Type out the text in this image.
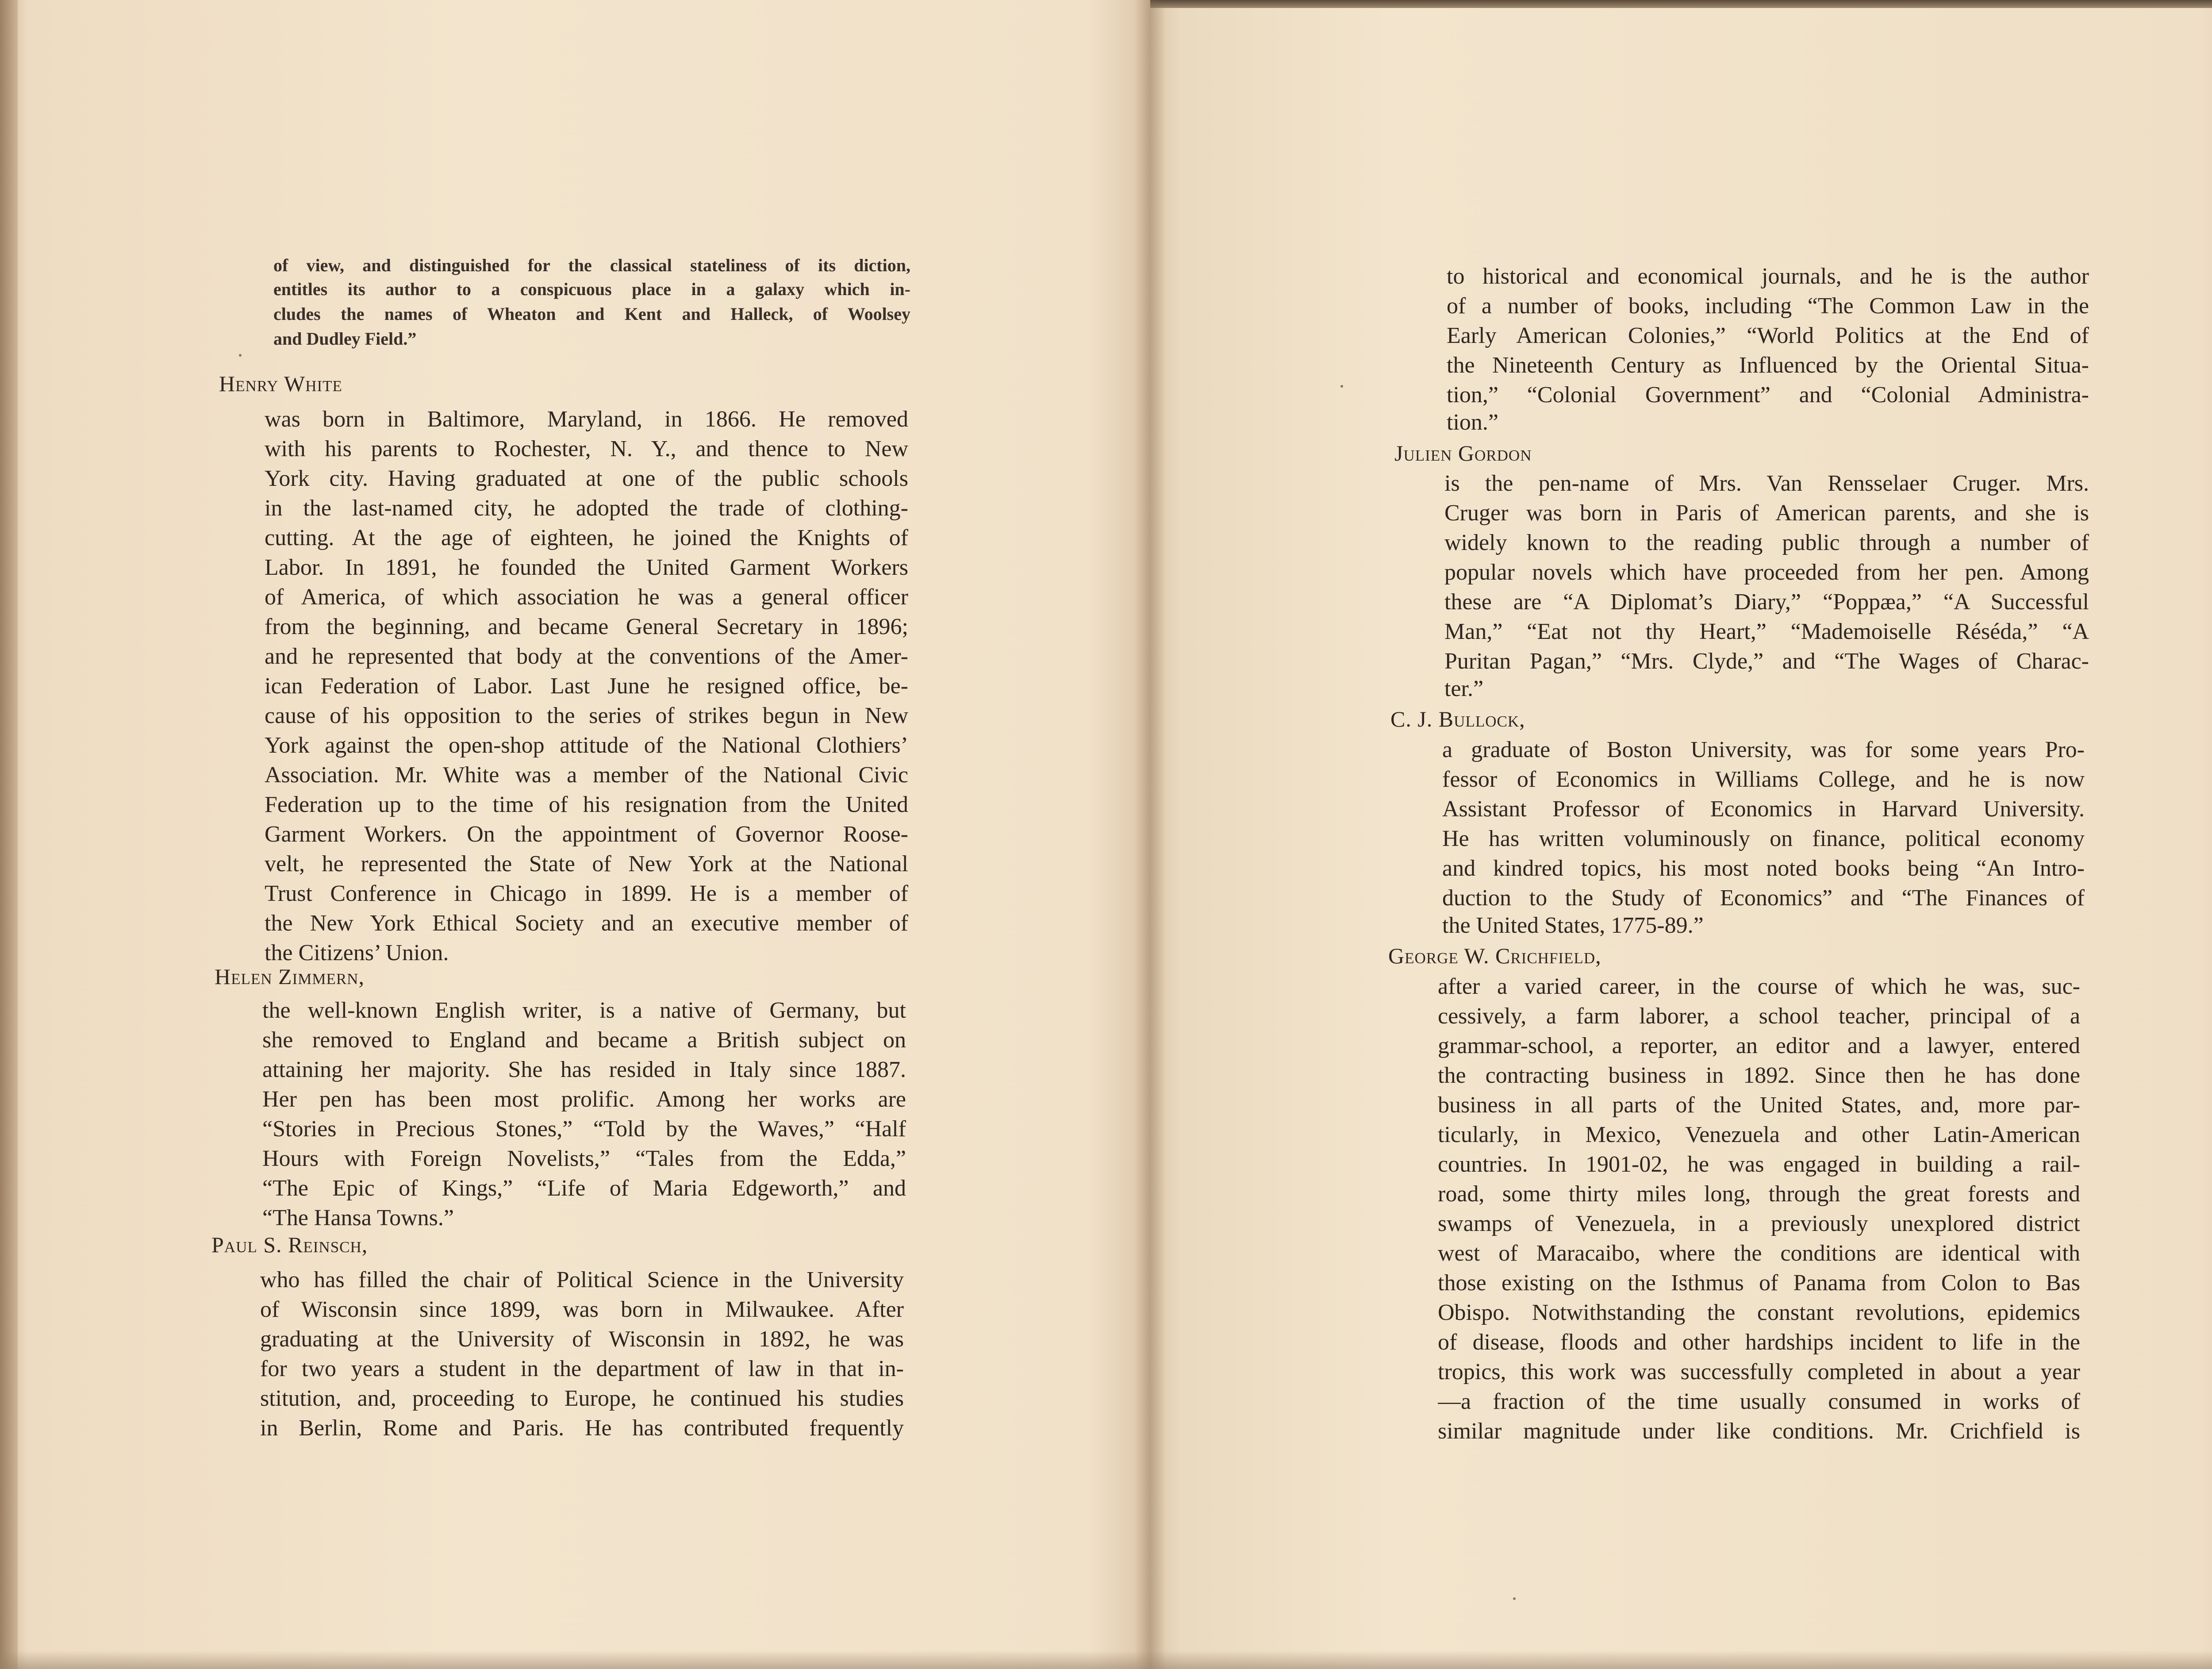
of view, and distinguished for the classical stateliness of its diction,
entitles its author to a conspicuous place in a galaxy which in-
cludes the names of Wheaton and Kent and Halleck, of Woolsey
and Dudley Field.”
Henry White
was born in Baltimore, Maryland, in 1866. He removed
with his parents to Rochester, N. Y., and thence to New
York city. Having graduated at one of the public schools
in the last-named city, he adopted the trade of clothing-
cutting. At the age of eighteen, he joined the Knights of
Labor. In 1891, he founded the United Garment Workers
of America, of which association he was a general officer
from the beginning, and became General Secretary in 1896;
and he represented that body at the conventions of the Amer-
ican Federation of Labor. Last June he resigned office, be-
cause of his opposition to the series of strikes begun in New
York against the open-shop attitude of the National Clothiers’
Association. Mr. White was a member of the National Civic
Federation up to the time of his resignation from the United
Garment Workers. On the appointment of Governor Roose-
velt, he represented the State of New York at the National
Trust Conference in Chicago in 1899. He is a member of
the New York Ethical Society and an executive member of
the Citizens’ Union.
Helen Zimmern,
the well-known English writer, is a native of Germany, but
she removed to England and became a British subject on
attaining her majority. She has resided in Italy since 1887.
Her pen has been most prolific. Among her works are
“Stories in Precious Stones,” “Told by the Waves,” “Half
Hours with Foreign Novelists,” “Tales from the Edda,”
“The Epic of Kings,” “Life of Maria Edgeworth,” and
“The Hansa Towns.”
Paul S. Reinsch,
who has filled the chair of Political Science in the University
of Wisconsin since 1899, was born in Milwaukee. After
graduating at the University of Wisconsin in 1892, he was
for two years a student in the department of law in that in-
stitution, and, proceeding to Europe, he continued his studies
in Berlin, Rome and Paris. He has contributed frequently
to historical and economical journals, and he is the author
of a number of books, including “The Common Law in the
Early American Colonies,” “World Politics at the End of
the Nineteenth Century as Influenced by the Oriental Situa-
tion,” “Colonial Government” and “Colonial Administra-
tion.”
Julien Gordon
is the pen-name of Mrs. Van Rensselaer Cruger. Mrs.
Cruger was born in Paris of American parents, and she is
widely known to the reading public through a number of
popular novels which have proceeded from her pen. Among
these are “A Diplomat’s Diary,” “Poppæa,” “A Successful
Man,” “Eat not thy Heart,” “Mademoiselle Réséda,” “A
Puritan Pagan,” “Mrs. Clyde,” and “The Wages of Charac-
ter.”
C. J. Bullock,
a graduate of Boston University, was for some years Pro-
fessor of Economics in Williams College, and he is now
Assistant Professor of Economics in Harvard University.
He has written voluminously on finance, political economy
and kindred topics, his most noted books being “An Intro-
duction to the Study of Economics” and “The Finances of
the United States, 1775-89.”
George W. Crichfield,
after a varied career, in the course of which he was, suc-
cessively, a farm laborer, a school teacher, principal of a
grammar-school, a reporter, an editor and a lawyer, entered
the contracting business in 1892. Since then he has done
business in all parts of the United States, and, more par-
ticularly, in Mexico, Venezuela and other Latin-American
countries. In 1901-02, he was engaged in building a rail-
road, some thirty miles long, through the great forests and
swamps of Venezuela, in a previously unexplored district
west of Maracaibo, where the conditions are identical with
those existing on the Isthmus of Panama from Colon to Bas
Obispo. Notwithstanding the constant revolutions, epidemics
of disease, floods and other hardships incident to life in the
tropics, this work was successfully completed in about a year
—a fraction of the time usually consumed in works of
similar magnitude under like conditions. Mr. Crichfield is
